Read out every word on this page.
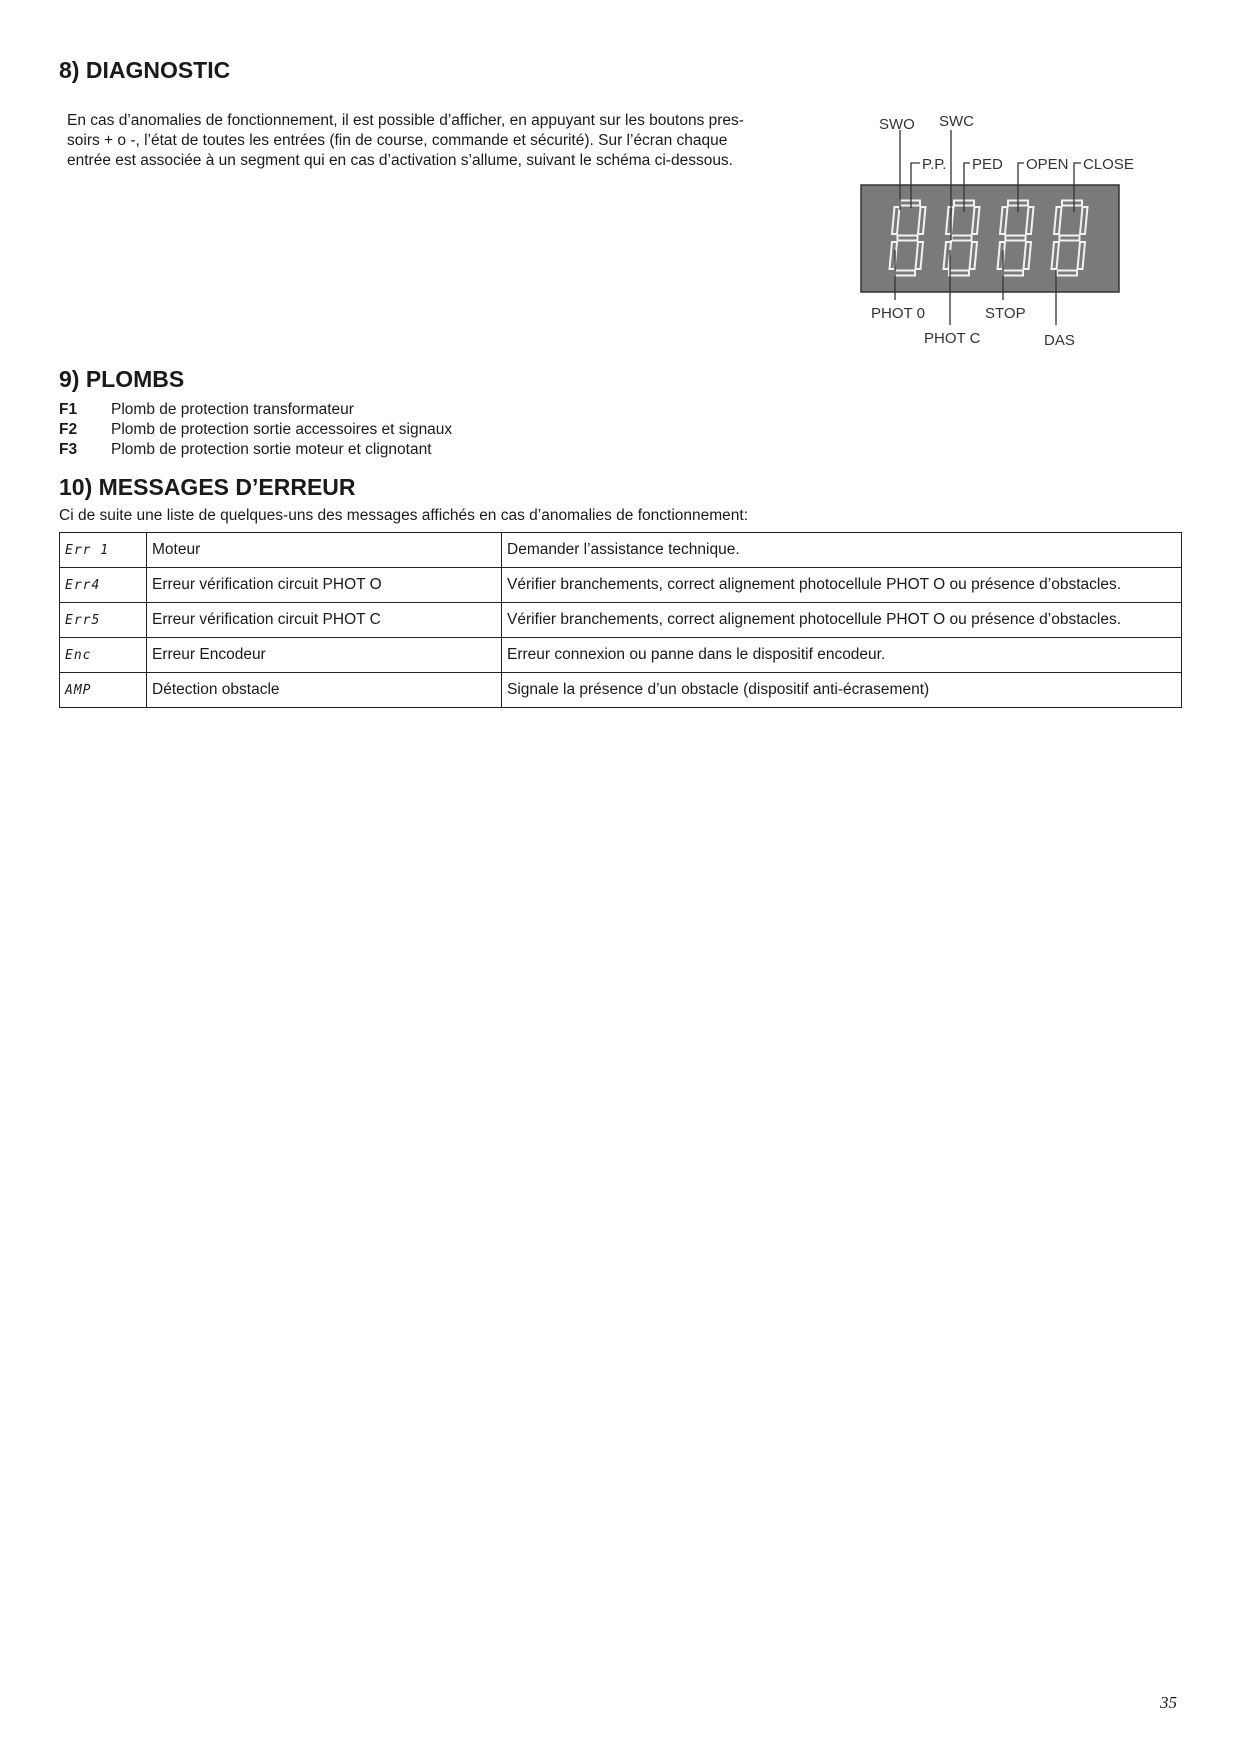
8) DIAGNOSTIC

En cas d’anomalies de fonctionnement, il est possible d’afficher, en appuyant sur les boutons pres-
soirs + o -, l’état de toutes les entrées (fin de course, commande et sécurité). Sur l’écran chaque
entrée est associée à un segment qui en cas d’activation s’allume, suivant le schéma ci-dessous.

SWO SWC
P.P. PED OPEN CLOSE
PHOT 0
PHOT C
STOP
DAS
9) PLOMBS
F1	Plomb de protection transformateur
F2	Plomb de protection sortie accessoires et signaux
F3	Plomb de protection sortie moteur et clignotant
10) MESSAGES D’ERREUR

Ci de suite une liste de quelques-uns des messages affichés en cas d’anomalies de fonctionnement:

Err 1	Moteur	Demander l’assistance technique.
Err4	Erreur vérification circuit PHOT O	Vérifier branchements, correct alignement photocellule PHOT O ou présence d’obstacles.
Err5	Erreur vérification circuit PHOT C	Vérifier branchements, correct alignement photocellule PHOT O ou présence d’obstacles.
Enc	Erreur Encodeur	Erreur connexion ou panne dans le dispositif encodeur.
AMP	Détection obstacle	Signale la présence d’un obstacle (dispositif anti-écrasement)
35
